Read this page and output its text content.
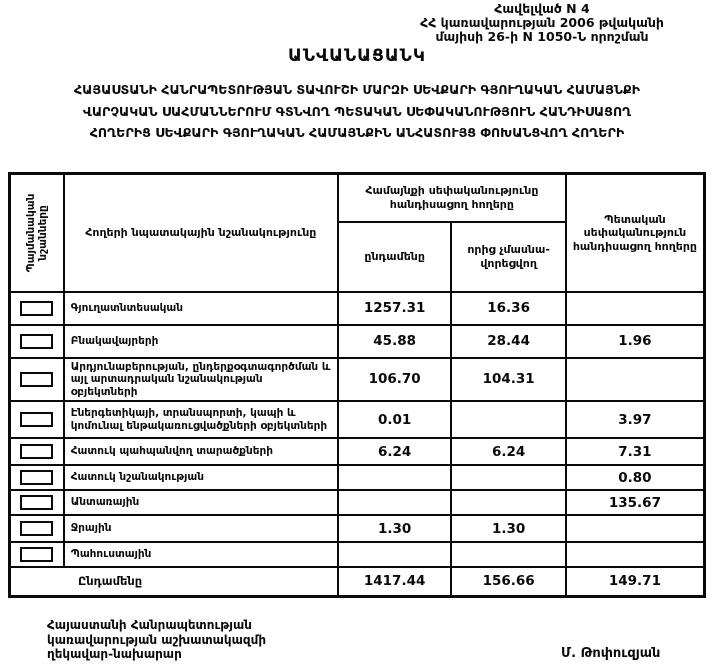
Հավելված N 4
ՀՀ կառավարության 2006 թվականի
մայիսի 26-ի N 1050-Ն որոշման
ԱՆՎԱՆԱՑԱՆԿ
ՀԱՅԱՍՏԱՆԻ ՀԱՆՐԱՊԵՏՈՒԹՅԱՆ ՏԱՎՈՒՇԻ ՄԱՐԶԻ ՍԵՎՔԱՐԻ ԳՅՈՒՂԱԿԱՆ ՀԱՄԱՅՆՔԻ
ՎԱՐՉԱԿԱՆ ՍԱՀՄԱՆՆԵՐՈՒՄ ԳՏՆՎՈՂ ՊԵՏԱԿԱՆ ՍԵՓԱԿԱՆՈՒԹՅՈՒՆ ՀԱՆԴԻՍԱՑՈՂ
ՀՈՂԵՐԻՑ ՍԵՎՔԱՐԻ ԳՅՈՒՂԱԿԱՆ ՀԱՄԱՅՆՔԻՆ ԱՆՀԱՏՈՒՅՑ ՓՈԽԱՆՑՎՈՂ ՀՈՂԵՐԻ
Պայմանական նշանները	Հողերի նպատակային նշանակությունը	Համայնքի սեփականությունը հանդիսացող հողերը		Պետական սեփականություն հանդիսացող հողերը
		ընդամենը	որից չմասնա-վորեցվող	

	Գյուղատնտեսական	1257.31	16.36	

	Բնակավայրերի	45.88	28.44	1.96

	Արդյունաբերության, ընդերքօգտագործման և այլ արտադրական նշանակության օբյեկտների	106.70	104.31	

	Էներգետիկայի, տրանսպորտի, կապի և կոմունալ ենթակառուցվածքների օբյեկտների	0.01		3.97

	Հատուկ պահպանվող տարածքների	6.24	6.24	7.31

	Հատուկ նշանակության			0.80

	Անտառային			135.67

	Ջրային	1.30	1.30	

	Պահուստային			
Ընդամենը		1417.44	156.66	149.71
Հայաստանի Հանրապետության
կառավարության աշխատակազմի
ղեկավար-նախարար	Մ. Թոփուզյան
